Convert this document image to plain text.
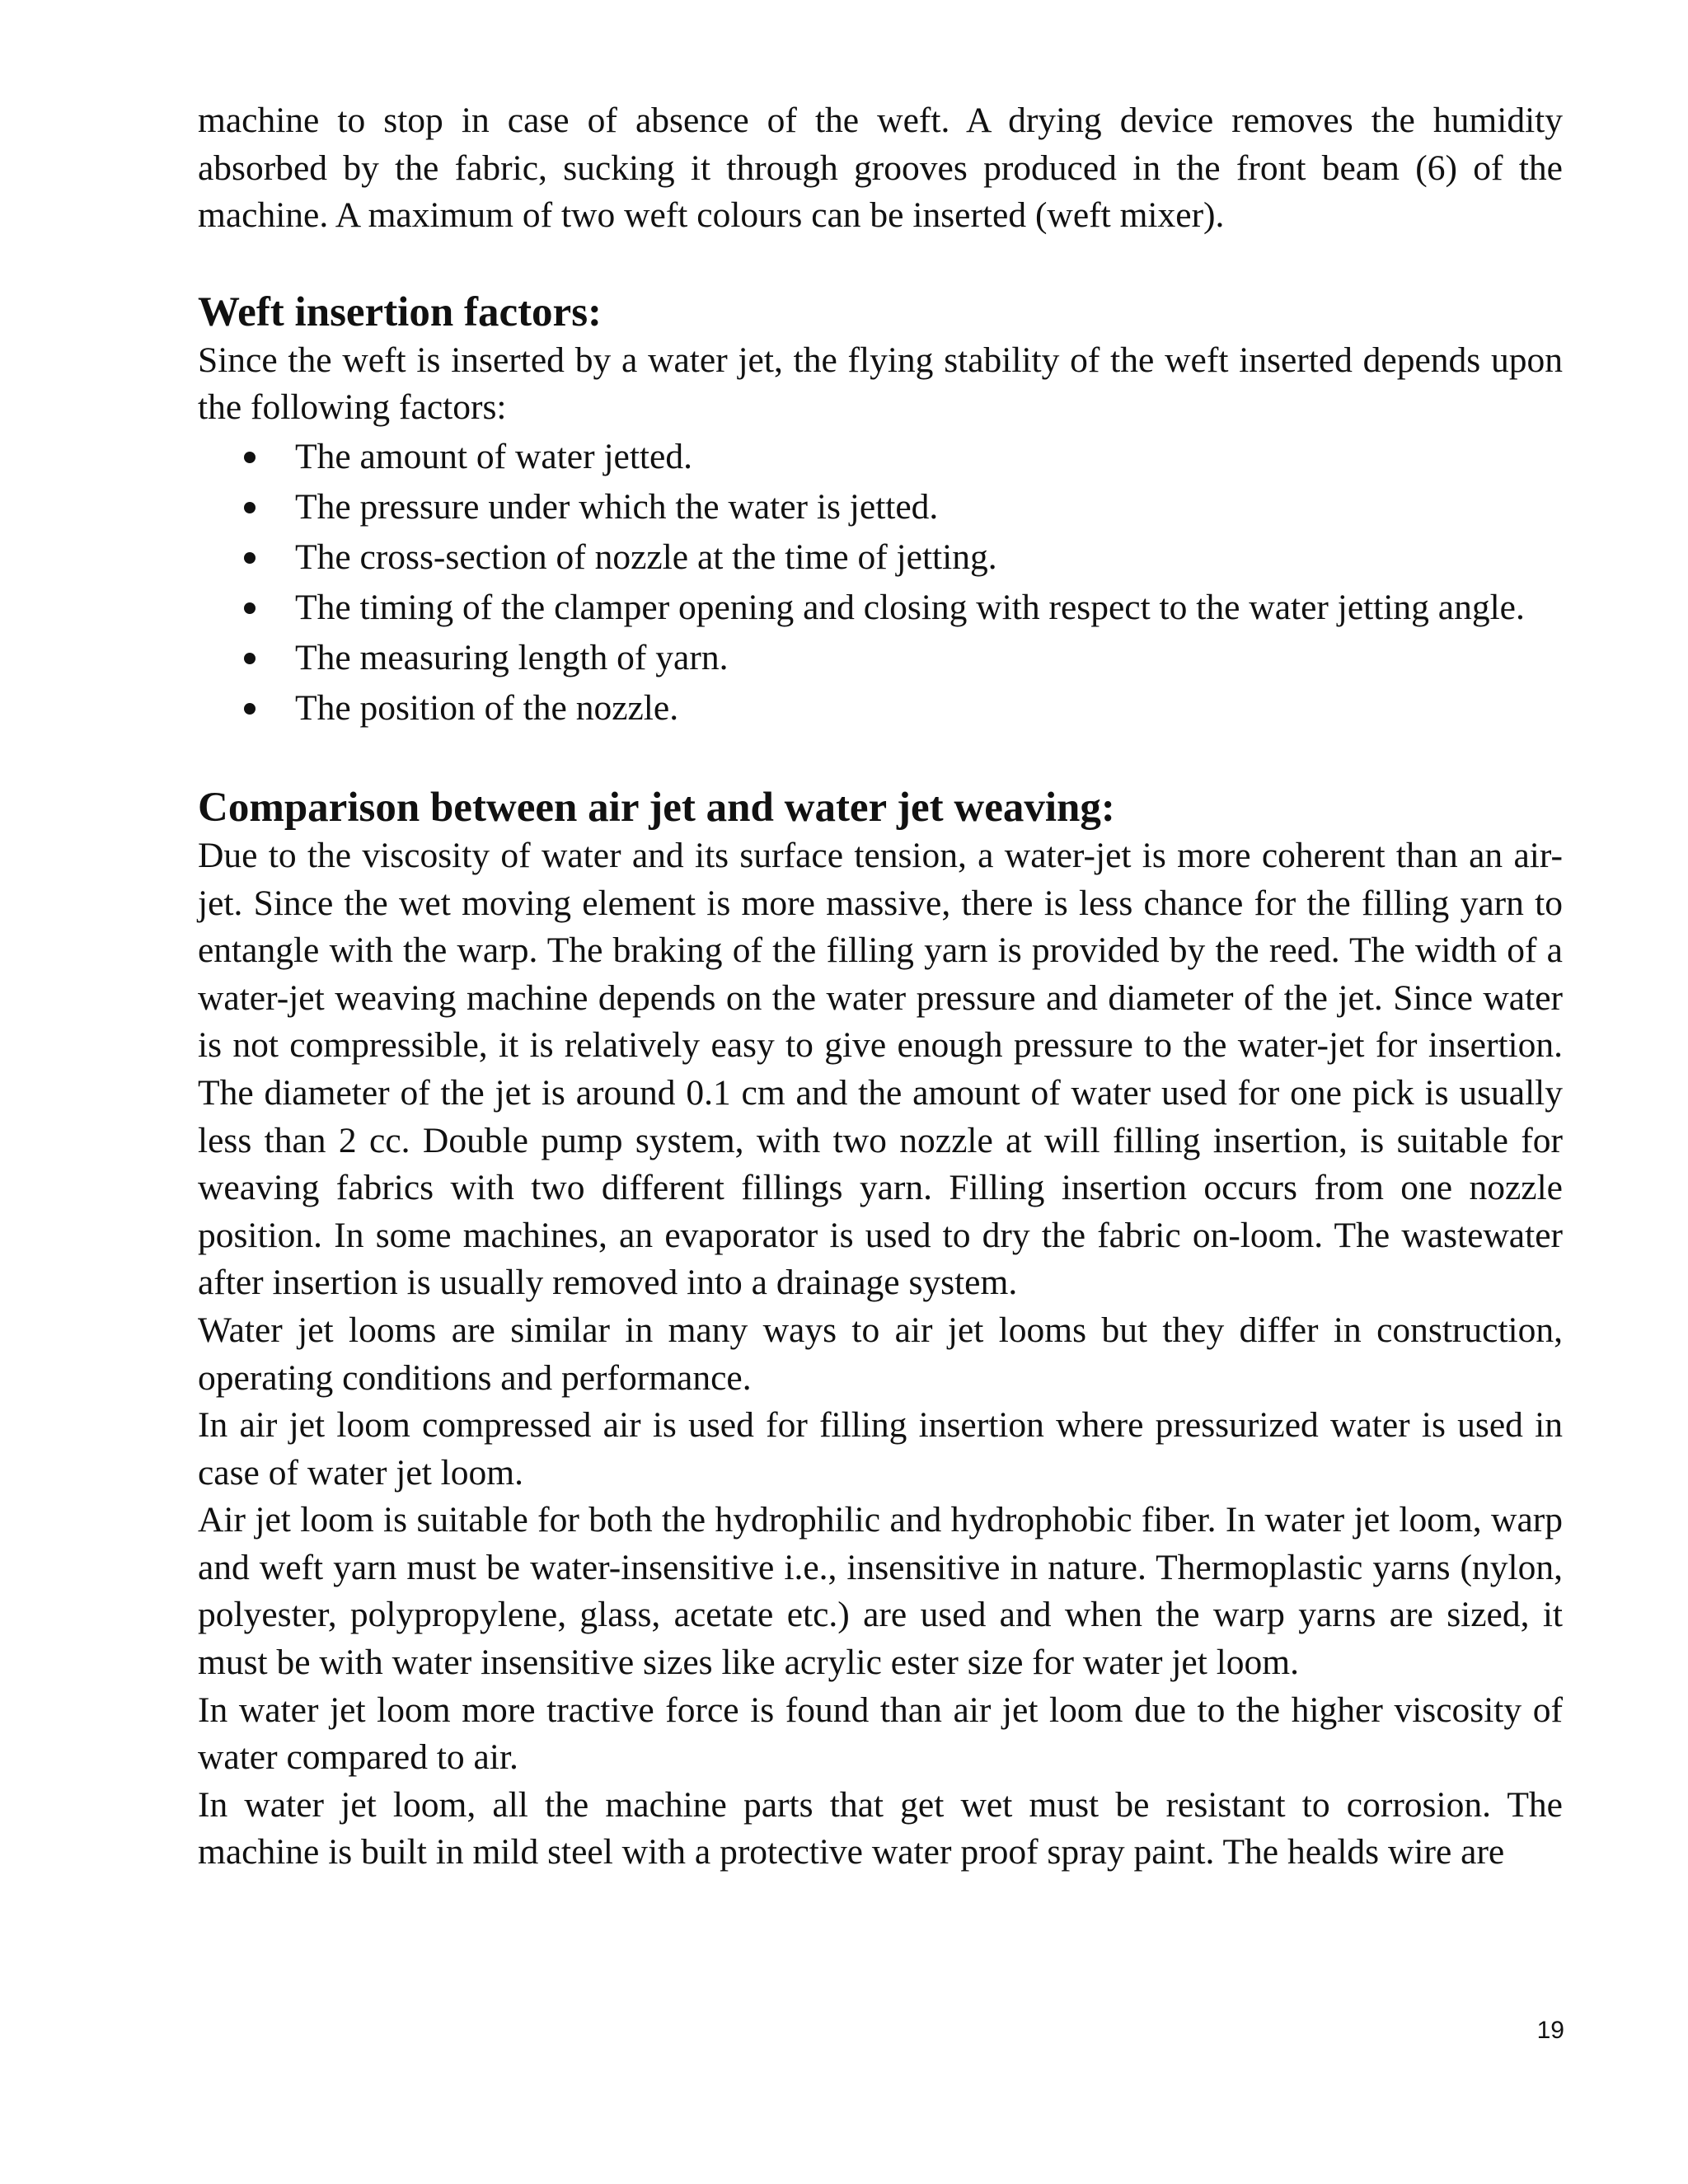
machine to stop in case of absence of the weft. A drying device removes the humidity absorbed by the fabric, sucking it through grooves produced in the front beam (6) of the machine. A maximum of two weft colours can be inserted (weft mixer).

Weft insertion factors:

Since the weft is inserted by a water jet, the flying stability of the weft inserted depends upon the following factors:

The amount of water jetted.
The pressure under which the water is jetted.
The cross-section of nozzle at the time of jetting.
The timing of the clamper opening and closing with respect to the water jetting angle.
The measuring length of yarn.
The position of the nozzle.
Comparison between air jet and water jet weaving:

Due to the viscosity of water and its surface tension, a water-jet is more coherent than an air-jet. Since the wet moving element is more massive, there is less chance for the filling yarn to entangle with the warp. The braking of the filling yarn is provided by the reed. The width of a water-jet weaving machine depends on the water pressure and diameter of the jet. Since water is not compressible, it is relatively easy to give enough pressure to the water-jet for insertion. The diameter of the jet is around 0.1 cm and the amount of water used for one pick is usually less than 2 cc. Double pump system, with two nozzle at will filling insertion, is suitable for weaving fabrics with two different fillings yarn. Filling insertion occurs from one nozzle position. In some machines, an evaporator is used to dry the fabric on-loom. The wastewater after insertion is usually removed into a drainage system.

Water jet looms are similar in many ways to air jet looms but they differ in construction, operating conditions and performance.

In air jet loom compressed air is used for filling insertion where pressurized water is used in case of water jet loom.

Air jet loom is suitable for both the hydrophilic and hydrophobic fiber. In water jet loom, warp and weft yarn must be water-insensitive i.e., insensitive in nature. Thermoplastic yarns (nylon, polyester, polypropylene, glass, acetate etc.) are used and when the warp yarns are sized, it must be with water insensitive sizes like acrylic ester size for water jet loom.

In water jet loom more tractive force is found than air jet loom due to the higher viscosity of water compared to air.

In water jet loom, all the machine parts that get wet must be resistant to corrosion. The machine is built in mild steel with a protective water proof spray paint. The healds wire are

19
